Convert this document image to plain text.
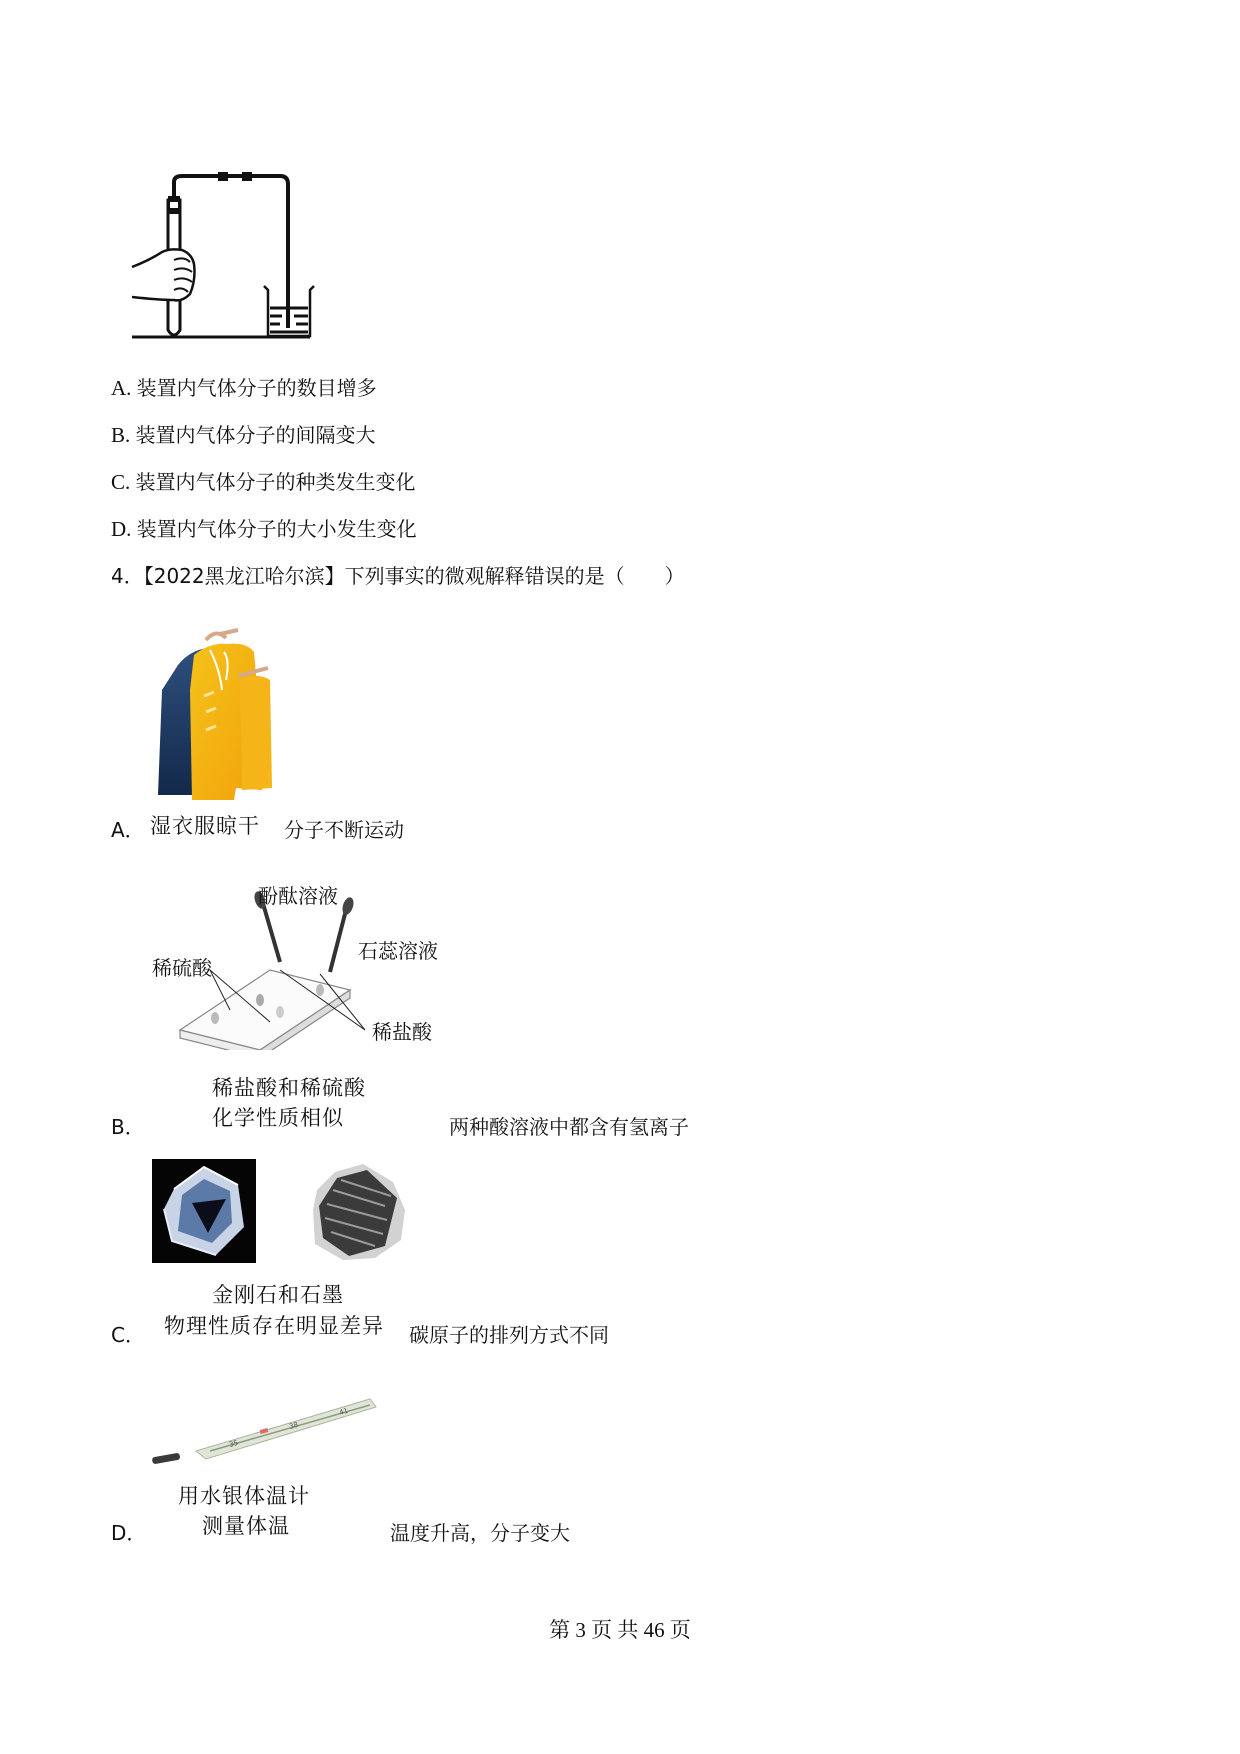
A. 装置内气体分子的数目增多
B. 装置内气体分子的间隔变大
C. 装置内气体分子的种类发生变化
D. 装置内气体分子的大小发生变化
4．【2022黑龙江哈尔滨】下列事实的微观解释错误的是（　　）
A． 湿衣服晾干 分子不断运动
酚酞溶液
石蕊溶液
稀硫酸
稀盐酸
稀盐酸和稀硫酸
B．	化学性质相似	两种酸溶液中都含有氢离子
金刚石和石墨
C． 物理性质存在明显差异 碳原子的排列方式不同
35
38
41
用水银体温计
D．	测量体温	温度升高，分子变大
第 3 页 共 46 页
